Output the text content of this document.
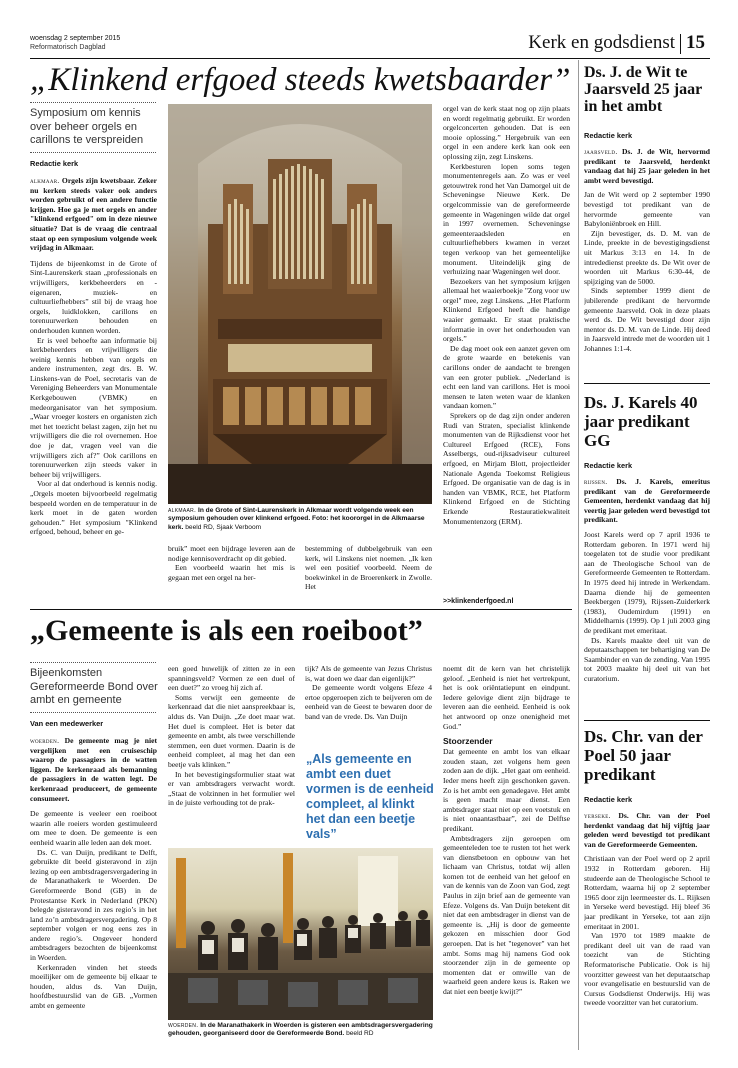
woensdag 2 september 2015
Reformatorisch Dagblad	Kerk en godsdienst 15
„Klinkend erfgoed steeds kwetsbaarder”
Symposium om kennis over beheer orgels en carillons te verspreiden
Redactie kerk

alkmaar. Orgels zijn kwetsbaar. Zeker nu kerken steeds vaker ook anders worden gebruikt of een andere functie krijgen. Hoe ga je met orgels en ander "klinkend erfgoed" om in deze nieuwe situatie? Dat is de vraag die centraal staat op een symposium volgende week vrijdag in Alkmaar.

Tijdens de bijeenkomst in de Grote of Sint-Laurenskerk staan „professionals en vrijwilligers, kerkbeheerders en -eigenaren, muziek- en cultuurliefhebbers” stil bij de vraag hoe orgels, luidklokken, carillons en torenuurwerken behouden en onderhouden kunnen worden.

Er is veel behoefte aan informatie bij kerkbeheerders en vrijwilligers die weinig kennis hebben van orgels en andere instrumenten, zegt drs. B. W. Linskens-van de Poel, secretaris van de Vereniging Beheerders van Monumentale Kerkgebouwen (VBMK) en medeorganisator van het symposium. „Waar vroeger kosters en organisten zich met het toezicht belast zagen, zijn het nu vrijwilligers die die rol overnemen. Hoe doe je dat, vragen veel van die vrijwilligers zich af?” Ook carillons en torenuurwerken zijn steeds vaker in beheer bij vrijwilligers.

Voor al dat onderhoud is kennis nodig. „Orgels moeten bijvoorbeeld regelmatig bespeeld worden en de temperatuur in de kerk moet in de gaten worden gehouden.” Het symposium "Klinkend erfgoed, behoud, beheer en ge-

alkmaar. In de Grote of Sint-Laurenskerk in Alkmaar wordt volgende week een symposium gehouden over klinkend erfgoed. Foto: het koororgel in de Alkmaarse kerk. beeld RD, Sjaak Verboom

bruik” moet een bijdrage leveren aan de nodige kennisoverdracht op dit gebied.

Een voorbeeld waarin het mis is gegaan met een orgel na her-

bestemming of dubbelgebruik van een kerk, wil Linskens niet noemen. „Ik ken wel een positief voorbeeld. Neem de boekwinkel in de Broerenkerk in Zwolle. Het

orgel van de kerk staat nog op zijn plaats en wordt regelmatig gebruikt. Er worden orgelconcerten gehouden. Dat is een mooie oplossing.” Hergebruik van een orgel in een andere kerk kan ook een oplossing zijn, zegt Linskens.

Kerkbesturen lopen soms tegen monumentenregels aan. Zo was er veel getouwtrek rond het Van Damorgel uit de Scheveningse Nieuwe Kerk. De orgelcommissie van de gereformeerde gemeente in Wageningen wilde dat orgel in 1997 overnemen. Scheveningse gemeenteraadsleden en cultuurliefhebbers kwamen in verzet tegen verkoop van het gemeentelijke monument. Uiteindelijk ging de verhuizing naar Wageningen wel door.

Bezoekers van het symposium krijgen allemaal het waaierboekje "Zorg voor uw orgel" mee, zegt Linskens. „Het Platform Klinkend Erfgoed heeft die handige waaier gemaakt. Er staat praktische informatie in over het onderhouden van orgels.”

De dag moet ook een aanzet geven om de grote waarde en betekenis van carillons onder de aandacht te brengen van een groter publiek. „Nederland is echt een land van carillons. Het is mooi mensen te laten weten waar de klanken vandaan komen.”

Sprekers op de dag zijn onder anderen Rudi van Straten, specialist klinkende monumenten van de Rijksdienst voor het Cultureel Erfgoed (RCE), Fons Asselbergs, oud-rijksadviseur cultureel erfgoed, en Mirjam Blott, projectleider Nationale Agenda Toekomst Religieus Erfgoed. De organisatie van de dag is in handen van VBMK, RCE, het Platform Klinkend Erfgoed en de Stichting Erkende Restauratiekwaliteit Monumentenzorg (ERM).

>>klinkenderfgoed.nl
„Gemeente is als een roeiboot”
Bijeenkomsten Gereformeerde Bond over ambt en gemeente
Van een medewerker

woerden. De gemeente mag je niet vergelijken met een cruiseschip waarop de passagiers in de watten liggen. De kerkenraad als bemanning de passagiers in de watten legt. De kerkenraad produceert, de gemeente consumeert.

De gemeente is veeleer een roeiboot waarin alle roeiers worden gestimuleerd om mee te doen. De gemeente is een eenheid waarin alle leden aan dek moet.

Ds. C. van Duijn, predikant te Delft, gebruikte dit beeld gisteravond in zijn lezing op een ambtsdragersvergadering in de Maranathakerk te Woerden. De Gereformeerde Bond (GB) in de Protestantse Kerk in Nederland (PKN) belegde gisteravond in zes regio’s in het land zo’n ambtsdragersvergadering. Op 8 september volgen er nog eens zes in andere regio’s. Ongeveer honderd ambtsdragers bezochten de bijeenkomst in Woerden.

Kerkenraden vinden het steeds moeilijker om de gemeente bij elkaar te houden, aldus ds. Van Duijn, hoofdbestuurslid van de GB. „Vormen ambt en gemeente

een goed huwelijk of zitten ze in een spanningsveld? Vormen ze een duel of een duet?” zo vroeg hij zich af.

Soms verwijt een gemeente de kerkenraad dat die niet aanspreekbaar is, aldus ds. Van Duijn. „Ze doet maar wat. Het duel is compleet. Het is beter dat gemeente en ambt, als twee verschillende stemmen, een duet vormen. Daarin is de eenheid compleet, al mag het dan een beetje vals klinken.”

In het bevestigingsformulier staat wat er van ambtsdragers verwacht wordt. „Staat de volzinnen in het formulier wel in de juiste verhouding tot de prak-

tijk? Als de gemeente van Jezus Christus is, wat doen we daar dan eigenlijk?”

De gemeente wordt volgens Efeze 4 ertoe opgeroepen zich te beijveren om de eenheid van de Geest te bewaren door de band van de vrede. Ds. Van Duijn

„Als gemeente en ambt een duet vormen is de eenheid compleet, al klinkt het dan een beetje vals”

noemt dit de kern van het christelijk geloof. „Eenheid is niet het vertrekpunt, het is ook oriëntatiepunt en eindpunt. Iedere gelovige dient zijn bijdrage te leveren aan die eenheid. Eenheid is ook het antwoord op onze onenigheid met God.”

Stoorzender

Dat gemeente en ambt los van elkaar zouden staan, zet volgens hem geen zoden aan de dijk. „Het gaat om eenheid. Ieder mens heeft zijn geschonken gaven. Zo is het ambt een genadegave. Het ambt is geen macht maar dienst. Een ambtsdrager staat niet op een voetstuk en is niet onaantastbaar”, zei de Delftse predikant.

Ambtsdragers zijn geroepen om gemeenteleden toe te rusten tot het werk van dienstbetoon en opbouw van het lichaam van Christus, totdat wij allen komen tot de eenheid van het geloof en van de kennis van de Zoon van God, zegt Paulus in zijn brief aan de gemeente van Efeze. Volgens ds. Van Duijn betekent dit niet dat een ambtsdrager in dienst van de gemeente is. „Hij is door de gemeente gekozen en misschien door God geroepen. Dat is het "tegenover" van het ambt. Soms mag hij namens God ook stoorzender zijn in de gemeente op momenten dat er omwille van de waarheid geen andere keus is. Raken we dat niet een beetje kwijt?”

woerden. In de Maranathakerk in Woerden is gisteren een ambtsdragersvergadering gehouden, georganiseerd door de Gereformeerde Bond. beeld RD
Ds. J. de Wit te Jaarsveld 25 jaar in het ambt
Redactie kerk

jaarsveld. Ds. J. de Wit, hervormd predikant te Jaarsveld, herdenkt vandaag dat hij 25 jaar geleden in het ambt werd bevestigd.

Jan de Wit werd op 2 september 1990 bevestigd tot predikant van de hervormde gemeente van Babyloniënbroek en Hill.

Zijn bevestiger, ds. D. M. van de Linde, preekte in de bevestigingsdienst uit Markus 3:13 en 14. In de intrededienst preekte ds. De Wit over de woorden uit Markus 6:30-44, de spijziging van de 5000.

Sinds september 1999 dient de jubilerende predikant de hervormde gemeente Jaarsveld. Ook in deze plaats werd ds. De Wit bevestigd door zijn mentor ds. D. M. van de Linde. Hij deed in Jaarsveld intrede met de woorden uit 1 Johannes 1:1-4.

Ds. J. Karels 40 jaar predikant GG
Redactie kerk

rijssen. Ds. J. Karels, emeritus predikant van de Gereformeerde Gemeenten, herdenkt vandaag dat hij veertig jaar geleden werd bevestigd tot predikant.

Joost Karels werd op 7 april 1936 te Rotterdam geboren. In 1971 werd hij toegelaten tot de studie voor predikant aan de Theologische School van de Gereformeerde Gemeenten te Rotterdam. In 1975 deed hij intrede in Werkendam. Daarna diende hij de gemeenten Beekbergen (1979), Rijssen-Zuiderkerk (1983), Oudemirdum (1991) en Middelharnis (1999). Op 1 juli 2003 ging de predikant met emeritaat.

Ds. Karels maakte deel uit van de deputaatschappen ter behartiging van De Saambinder en van de zending. Van 1995 tot 2003 maakte hij deel uit van het curatorium.

Ds. Chr. van der Poel 50 jaar predikant
Redactie kerk

yerseke. Ds. Chr. van der Poel herdenkt vandaag dat hij vijftig jaar geleden werd bevestigd tot predikant van de Gereformeerde Gemeenten.

Christiaan van der Poel werd op 2 april 1932 in Rotterdam geboren. Hij studeerde aan de Theologische School te Rotterdam, waarna hij op 2 september 1965 door zijn leermeester ds. L. Rijksen in Yerseke werd bevestigd. Hij bleef 36 jaar predikant in Yerseke, tot aan zijn emeritaat in 2001.

Van 1970 tot 1989 maakte de predikant deel uit van de raad van toezicht van de Stichting Reformatorische Publicatie. Ook is hij voorzitter geweest van het deputaatschap voor evangelisatie en bestuurslid van de Cursus Godsdienst Onderwijs. Hij was tweede voorzitter van het curatorium.
